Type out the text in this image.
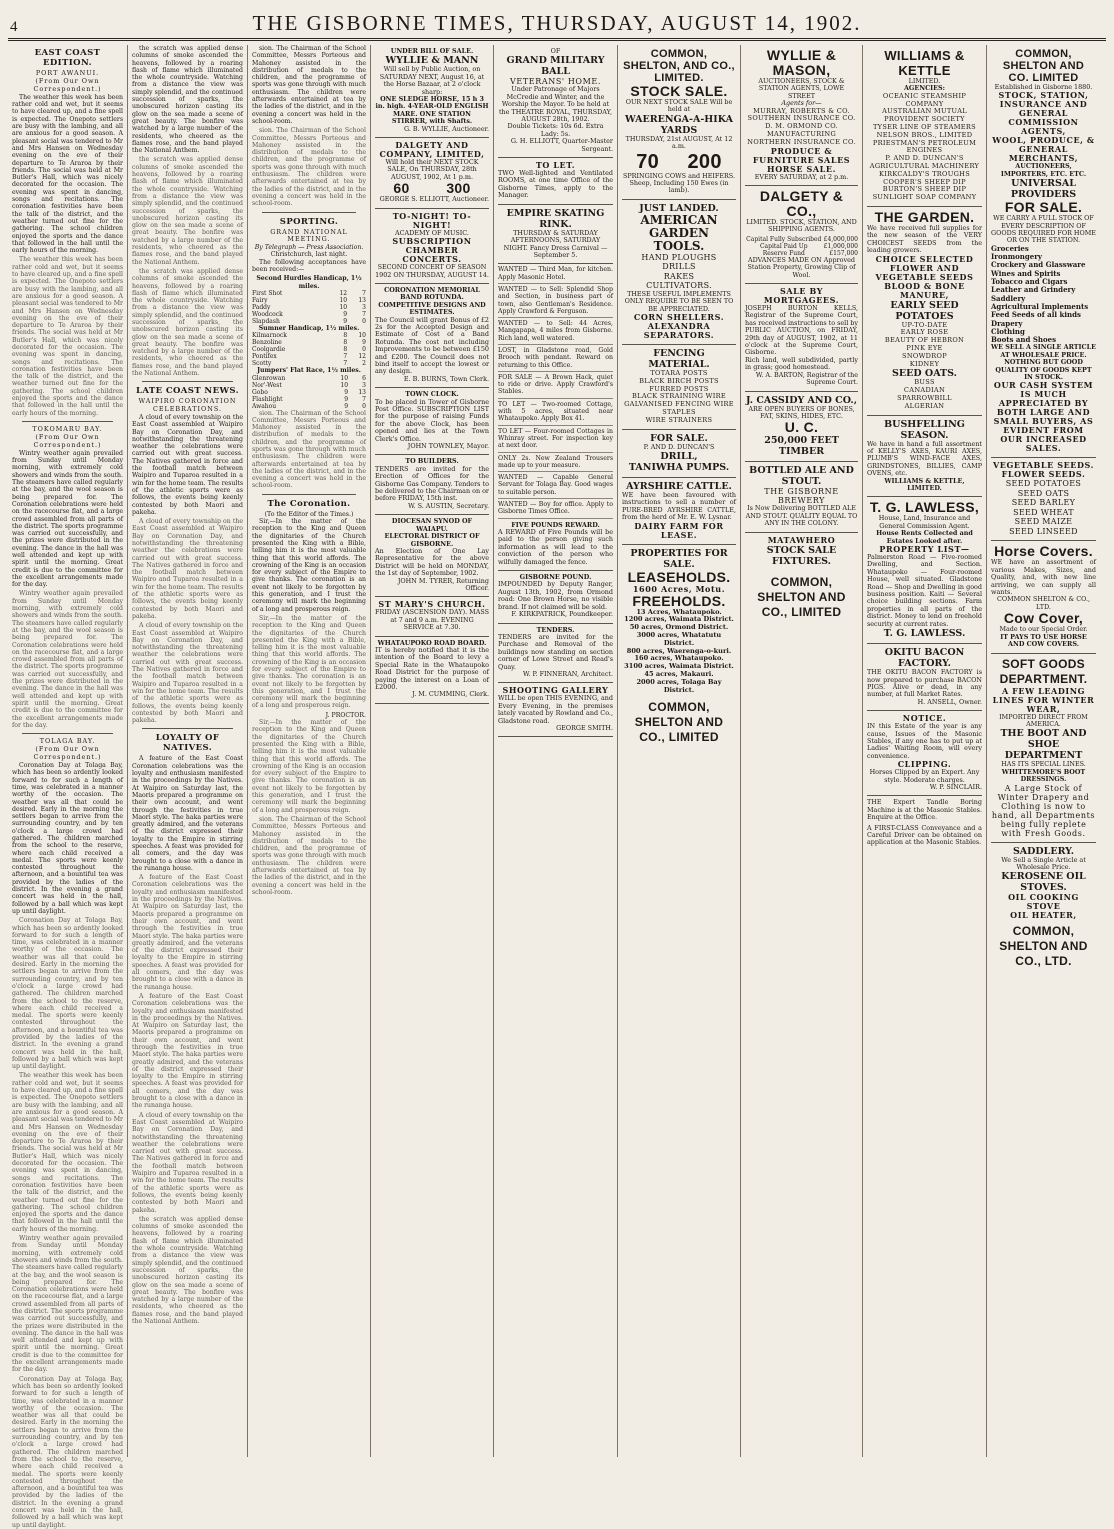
4	THE GISBORNE TIMES, THURSDAY, AUGUST 14, 1902.
EAST COAST EDITION.
PORT AWANUI.
(From Our Own Correspondent.)

The weather this week has been rather cold and wet, but it seems to have cleared up, and a fine spell is expected. The Onepoto settlers are busy with the lambing, and all are anxious for a good season. A pleasant social was tendered to Mr and Mrs Hansen on Wednesday evening on the eve of their departure to Te Araroa by their friends. The social was held at Mr Butler's Hall, which was nicely decorated for the occasion. The evening was spent in dancing, songs and recitations. The coronation festivities have been the talk of the district, and the weather turned out fine for the gathering. The school children enjoyed the sports and the dance that followed in the hall until the early hours of the morning.

The weather this week has been rather cold and wet, but it seems to have cleared up, and a fine spell is expected. The Onepoto settlers are busy with the lambing, and all are anxious for a good season. A pleasant social was tendered to Mr and Mrs Hansen on Wednesday evening on the eve of their departure to Te Araroa by their friends. The social was held at Mr Butler's Hall, which was nicely decorated for the occasion. The evening was spent in dancing, songs and recitations. The coronation festivities have been the talk of the district, and the weather turned out fine for the gathering. The school children enjoyed the sports and the dance that followed in the hall until the early hours of the morning.

TOKOMARU BAY.
(From Our Own Correspondent.)

Wintry weather again prevailed from Sunday until Monday morning, with extremely cold showers and winds from the south. The steamers have called regularly at the bay, and the wool season is being prepared for. The Coronation celebrations were held on the racecourse flat, and a large crowd assembled from all parts of the district. The sports programme was carried out successfully, and the prizes were distributed in the evening. The dance in the hall was well attended and kept up with spirit until the morning. Great credit is due to the committee for the excellent arrangements made for the day.

Wintry weather again prevailed from Sunday until Monday morning, with extremely cold showers and winds from the south. The steamers have called regularly at the bay, and the wool season is being prepared for. The Coronation celebrations were held on the racecourse flat, and a large crowd assembled from all parts of the district. The sports programme was carried out successfully, and the prizes were distributed in the evening. The dance in the hall was well attended and kept up with spirit until the morning. Great credit is due to the committee for the excellent arrangements made for the day.

TOLAGA BAY.
(From Our Own Correspondent.)

Coronation Day at Tolaga Bay, which has been so ardently looked forward to for such a length of time, was celebrated in a manner worthy of the occasion. The weather was all that could be desired. Early in the morning the settlers began to arrive from the surrounding country, and by ten o'clock a large crowd had gathered. The children marched from the school to the reserve, where each child received a medal. The sports were keenly contested throughout the afternoon, and a bountiful tea was provided by the ladies of the district. In the evening a grand concert was held in the hall, followed by a ball which was kept up until daylight.

Coronation Day at Tolaga Bay, which has been so ardently looked forward to for such a length of time, was celebrated in a manner worthy of the occasion. The weather was all that could be desired. Early in the morning the settlers began to arrive from the surrounding country, and by ten o'clock a large crowd had gathered. The children marched from the school to the reserve, where each child received a medal. The sports were keenly contested throughout the afternoon, and a bountiful tea was provided by the ladies of the district. In the evening a grand concert was held in the hall, followed by a ball which was kept up until daylight.

The weather this week has been rather cold and wet, but it seems to have cleared up, and a fine spell is expected. The Onepoto settlers are busy with the lambing, and all are anxious for a good season. A pleasant social was tendered to Mr and Mrs Hansen on Wednesday evening on the eve of their departure to Te Araroa by their friends. The social was held at Mr Butler's Hall, which was nicely decorated for the occasion. The evening was spent in dancing, songs and recitations. The coronation festivities have been the talk of the district, and the weather turned out fine for the gathering. The school children enjoyed the sports and the dance that followed in the hall until the early hours of the morning.

Wintry weather again prevailed from Sunday until Monday morning, with extremely cold showers and winds from the south. The steamers have called regularly at the bay, and the wool season is being prepared for. The Coronation celebrations were held on the racecourse flat, and a large crowd assembled from all parts of the district. The sports programme was carried out successfully, and the prizes were distributed in the evening. The dance in the hall was well attended and kept up with spirit until the morning. Great credit is due to the committee for the excellent arrangements made for the day.

Coronation Day at Tolaga Bay, which has been so ardently looked forward to for such a length of time, was celebrated in a manner worthy of the occasion. The weather was all that could be desired. Early in the morning the settlers began to arrive from the surrounding country, and by ten o'clock a large crowd had gathered. The children marched from the school to the reserve, where each child received a medal. The sports were keenly contested throughout the afternoon, and a bountiful tea was provided by the ladies of the district. In the evening a grand concert was held in the hall, followed by a ball which was kept up until daylight.

the scratch was applied dense columns of smoke ascended the heavens, followed by a roaring flash of flame which illuminated the whole countryside. Watching from a distance the view was simply splendid, and the continued succession of sparks, the unobscured horizon casting its glow on the sea made a scene of great beauty. The bonfire was watched by a large number of the residents, who cheered as the flames rose, and the band played the National Anthem.

the scratch was applied dense columns of smoke ascended the heavens, followed by a roaring flash of flame which illuminated the whole countryside. Watching from a distance the view was simply splendid, and the continued succession of sparks, the unobscured horizon casting its glow on the sea made a scene of great beauty. The bonfire was watched by a large number of the residents, who cheered as the flames rose, and the band played the National Anthem.

the scratch was applied dense columns of smoke ascended the heavens, followed by a roaring flash of flame which illuminated the whole countryside. Watching from a distance the view was simply splendid, and the continued succession of sparks, the unobscured horizon casting its glow on the sea made a scene of great beauty. The bonfire was watched by a large number of the residents, who cheered as the flames rose, and the band played the National Anthem.

LATE COAST NEWS.
WAIPIRO CORONATION CELEBRATIONS.

A cloud of every township on the East Coast assembled at Waipiro Bay on Coronation Day, and notwithstanding the threatening weather the celebrations were carried out with great success. The Natives gathered in force and the football match between Waipiro and Tuparoa resulted in a win for the home team. The results of the athletic sports were as follows, the events being keenly contested by both Maori and pakeha.

A cloud of every township on the East Coast assembled at Waipiro Bay on Coronation Day, and notwithstanding the threatening weather the celebrations were carried out with great success. The Natives gathered in force and the football match between Waipiro and Tuparoa resulted in a win for the home team. The results of the athletic sports were as follows, the events being keenly contested by both Maori and pakeha.

A cloud of every township on the East Coast assembled at Waipiro Bay on Coronation Day, and notwithstanding the threatening weather the celebrations were carried out with great success. The Natives gathered in force and the football match between Waipiro and Tuparoa resulted in a win for the home team. The results of the athletic sports were as follows, the events being keenly contested by both Maori and pakeha.

LOYALTY OF NATIVES.

A feature of the East Coast Coronation celebrations was the loyalty and enthusiasm manifested in the proceedings by the Natives. At Waipiro on Saturday last, the Maoris prepared a programme on their own account, and went through the festivities in true Maori style. The haka parties were greatly admired, and the veterans of the district expressed their loyalty to the Empire in stirring speeches. A feast was provided for all comers, and the day was brought to a close with a dance in the runanga house.

A feature of the East Coast Coronation celebrations was the loyalty and enthusiasm manifested in the proceedings by the Natives. At Waipiro on Saturday last, the Maoris prepared a programme on their own account, and went through the festivities in true Maori style. The haka parties were greatly admired, and the veterans of the district expressed their loyalty to the Empire in stirring speeches. A feast was provided for all comers, and the day was brought to a close with a dance in the runanga house.

A feature of the East Coast Coronation celebrations was the loyalty and enthusiasm manifested in the proceedings by the Natives. At Waipiro on Saturday last, the Maoris prepared a programme on their own account, and went through the festivities in true Maori style. The haka parties were greatly admired, and the veterans of the district expressed their loyalty to the Empire in stirring speeches. A feast was provided for all comers, and the day was brought to a close with a dance in the runanga house.

A cloud of every township on the East Coast assembled at Waipiro Bay on Coronation Day, and notwithstanding the threatening weather the celebrations were carried out with great success. The Natives gathered in force and the football match between Waipiro and Tuparoa resulted in a win for the home team. The results of the athletic sports were as follows, the events being keenly contested by both Maori and pakeha.

the scratch was applied dense columns of smoke ascended the heavens, followed by a roaring flash of flame which illuminated the whole countryside. Watching from a distance the view was simply splendid, and the continued succession of sparks, the unobscured horizon casting its glow on the sea made a scene of great beauty. The bonfire was watched by a large number of the residents, who cheered as the flames rose, and the band played the National Anthem.

sion. The Chairman of the School Committee, Messrs Porteous and Mahoney assisted in the distribution of medals to the children, and the programme of sports was gone through with much enthusiasm. The children were afterwards entertained at tea by the ladies of the district, and in the evening a concert was held in the school-room.

sion. The Chairman of the School Committee, Messrs Porteous and Mahoney assisted in the distribution of medals to the children, and the programme of sports was gone through with much enthusiasm. The children were afterwards entertained at tea by the ladies of the district, and in the evening a concert was held in the school-room.

SPORTING.
GRAND NATIONAL MEETING.
By Telegraph — Press Association.
Christchurch, last night.

The following acceptances have been received:—

Second Hurdles Handicap, 1½ miles.
First Shot	12	7
Fairy	10	13
Paddy	10	3
Woodcock	9	7
Slapdash	9	0
Sumner Handicap, 1½ miles.
Kilmarnock	8	10
Benzoline	8	9
Coolgardie	8	0
Pontifex	7	12
Scotty	7	2
Jumpers' Flat Race, 1½ miles.
Glenrowan	10	6
Nor'-West	10	3
Gobo	9	13
Flashlight	9	7
Awahou	9	0

sion. The Chairman of the School Committee, Messrs Porteous and Mahoney assisted in the distribution of medals to the children, and the programme of sports was gone through with much enthusiasm. The children were afterwards entertained at tea by the ladies of the district, and in the evening a concert was held in the school-room.

The Coronation.
(To the Editor of the Times.)

Sir,—In the matter of the reception to the King and Queen the dignitaries of the Church presented the King with a Bible, telling him it is the most valuable thing that this world affords. The crowning of the King is an occasion for every subject of the Empire to give thanks. The coronation is an event not likely to be forgotten by this generation, and I trust the ceremony will mark the beginning of a long and prosperous reign.

Sir,—In the matter of the reception to the King and Queen the dignitaries of the Church presented the King with a Bible, telling him it is the most valuable thing that this world affords. The crowning of the King is an occasion for every subject of the Empire to give thanks. The coronation is an event not likely to be forgotten by this generation, and I trust the ceremony will mark the beginning of a long and prosperous reign.

J. PROCTOR.

Sir,—In the matter of the reception to the King and Queen the dignitaries of the Church presented the King with a Bible, telling him it is the most valuable thing that this world affords. The crowning of the King is an occasion for every subject of the Empire to give thanks. The coronation is an event not likely to be forgotten by this generation, and I trust the ceremony will mark the beginning of a long and prosperous reign.

sion. The Chairman of the School Committee, Messrs Porteous and Mahoney assisted in the distribution of medals to the children, and the programme of sports was gone through with much enthusiasm. The children were afterwards entertained at tea by the ladies of the district, and in the evening a concert was held in the school-room.

UNDER BILL OF SALE.
WYLLIE & MANN
Will sell by Public Auction, on SATURDAY NEXT, August 16, at the Horse Bazaar, at 2 o'clock sharp:
ONE SLEDGE HORSE, 15 h 3 in. high. 4-YEAR-OLD ENGLISH MARE. ONE STATION STIRRER, with Shafts.
G. B. WYLLIE, Auctioneer.
DALGETY AND COMPANY, LIMITED,
Will hold their NEXT STOCK SALE, On THURSDAY, 28th AUGUST, 1902, At 1 p.m.
60	300
GEORGE S. ELLIOTT, Auctioneer.
TO-NIGHT! TO-NIGHT!
ACADEMY OF MUSIC.
SUBSCRIPTION CHAMBER CONCERTS.
SECOND CONCERT OF SEASON 1902 ON THURSDAY, AUGUST 14.
CORONATION MEMORIAL BAND ROTUNDA.
COMPETITIVE DESIGNS AND ESTIMATES.
The Council will grant Bonus of £2 2s for the Accepted Design and Estimate of Cost of a Band Rotunda. The cost not including Improvements to be between £150 and £200. The Council does not bind itself to accept the lowest or any design.
E. B. BURNS, Town Clerk.
TOWN CLOCK.
To be placed in Tower of Gisborne Post Office. SUBSCRIPTION LIST for the purpose of raising Funds for the above Clock, has been opened and lies at the Town Clerk's Office.
JOHN TOWNLEY, Mayor.
TO BUILDERS.
TENDERS are invited for the Erection of Offices for the Gisborne Gas Company. Tenders to be delivered to the Chairman on or before FRIDAY, 15th inst.
W. S. AUSTIN, Secretary.
DIOCESAN SYNOD OF WAIAPU.
ELECTORAL DISTRICT OF GISBORNE.
An Election of One Lay Representative for the above District will be held on MONDAY, the 1st day of September, 1902.
JOHN M. TYRER, Returning Officer.
ST MARY'S CHURCH.
FRIDAY (ASCENSION DAY). MASS at 7 and 9 a.m. EVENING SERVICE at 7.30.
WHATAUPOKO ROAD BOARD.
IT is hereby notified that it is the intention of the Board to levy a Special Rate in the Whataupoko Road District for the purpose of paying the interest on a Loan of £2000.
J. M. CUMMING, Clerk.
OF
GRAND MILITARY BALL
VETERANS' HOME.
Under Patronage of Majors McCredie and Winter, and the Worship the Mayor. To be held at the THEATRE ROYAL, THURSDAY, AUGUST 28th, 1902.
Double Tickets: 10s 6d. Extra Lady: 5s.
G. H. ELLIOTT, Quarter-Master Sergeant.
TO LET.
TWO Well-lighted and Ventilated ROOMS, at one time Office of the Gisborne Times, apply to the Manager.
EMPIRE SKATING RINK.
THURSDAY & SATURDAY AFTERNOONS, SATURDAY NIGHT. Fancy Dress Carnival — September 5.
WANTED — Third Man, for kitchen. Apply Masonic Hotel.
WANTED — to Sell: Splendid Shop and Section, in business part of town, also Gentleman's Residence. Apply Crawford & Ferguson.
WANTED — to Sell: 44 Acres, Mangapapa, 4 miles from Gisborne. Rich land, well watered.
LOST, in Gladstone road, Gold Brooch with pendant. Reward on returning to this Office.
FOR SALE — A Brown Hack, quiet to ride or drive. Apply Crawford's Stables.
TO LET — Two-roomed Cottage, with 5 acres, situated near Whataupoko. Apply Box 41.
TO LET — Four-roomed Cottages in Whinray street. For inspection key at next door.
ONLY 2s. New Zealand Trousers made up to your measure.
WANTED — Capable General Servant for Tolaga Bay. Good wages to suitable person.
WANTED — Boy for office. Apply to Gisborne Times Office.
FIVE POUNDS REWARD.
A REWARD of Five Pounds will be paid to the person giving such information as will lead to the conviction of the person who wilfully damaged the fence.
GISBORNE POUND.
IMPOUNDED by Deputy Ranger, August 13th, 1902, from Ormond road: One Brown Horse, no visible brand. If not claimed will be sold.
F. KIRKPATRICK, Poundkeeper.
TENDERS.
TENDERS are invited for the Purchase and Removal of the buildings now standing on section corner of Lowe Street and Read's Quay.
W. P. FINNERAN, Architect.
SHOOTING GALLERY
WILL be open THIS EVENING, and Every Evening, in the premises lately vacated by Rowland and Co., Gladstone road.
GEORGE SMITH.
COMMON, SHELTON, AND CO., LIMITED.
STOCK SALE.
OUR NEXT STOCK SALE Will be held at
WAERENGA-A-HIKA YARDS
THURSDAY, 21st AUGUST, At 12 a.m.
70 200
SPRINGING COWS and HEIFERS. Sheep, Including 150 Ewes (in lamb).
JUST LANDED.
AMERICAN GARDEN TOOLS.
HAND PLOUGHS
DRILLS
RAKES
CULTIVATORS.
THESE USEFUL IMPLEMENTS ONLY REQUIRE TO BE SEEN TO BE APPRECIATED.
CORN SHELLERS.
ALEXANDRA SEPARATORS.
FENCING MATERIAL.
TOTARA POSTS
BLACK BIRCH POSTS
FURRED POSTS
BLACK STRAINING WIRE
GALVANISED FENCING WIRE
STAPLES
WIRE STRAINERS
FOR SALE.
P. AND D. DUNCAN'S
DRILL,
TANIWHA PUMPS.
AYRSHIRE CATTLE.
WE have been favoured with instructions to sell a number of PURE-BRED AYRSHIRE CATTLE, from the herd of Mr. E. W. Lysnar.
DAIRY FARM FOR LEASE.
PROPERTIES FOR SALE.
LEASEHOLDS.
1600 Acres, Motu.
FREEHOLDS.
13 Acres, Whataupoko.
1200 acres, Waimata District.
50 acres, Ormond District.
3000 acres, Whatatutu District.
800 acres, Waerenga-o-kuri.
160 acres, Whataupoko.
3100 acres, Waimata District.
45 acres, Makauri.
2000 acres, Tolaga Bay District.
COMMON, SHELTON AND CO., LIMITED
WYLLIE & MASON,
AUCTIONEERS, STOCK & STATION AGENTS, LOWE STREET
Agents for—
MURRAY, ROBERTS & CO.
SOUTHERN INSURANCE CO.
D. M. ORMOND CO. MANUFACTURING
NORTHERN INSURANCE CO.
PRODUCE & FURNITURE SALES
HORSE SALE.
EVERY SATURDAY, at 2 p.m.
DALGETY & CO.,
LIMITED. STOCK, STATION, AND SHIPPING AGENTS.
Capital Fully Subscribed	£4,000,000
Capital Paid Up	£1,000,000
Reserve Fund	£157,000
ADVANCES MADE ON Approved Station Property, Growing Clip of Wool.
SALE BY MORTGAGEES.
JOSEPH BURTON KELLS, Registrar of the Supreme Court, has received instructions to sell by PUBLIC AUCTION, on FRIDAY, 29th day of AUGUST, 1902, at 11 o'clock at the Supreme Court, Gisborne.
Rich land, well subdivided, partly in grass; good homestead.
W. A. BARTON, Registrar of the Supreme Court.
J. CASSIDY AND CO.,
ARE OPEN BUYERS OF BONES, FAT, SKINS, HIDES, ETC.
U. C.
250,000 FEET TIMBER
BOTTLED ALE AND STOUT.
THE GISBORNE BREWERY
Is Now Delivering BOTTLED ALE AND STOUT. QUALITY EQUAL TO ANY IN THE COLONY.
MATAWHERO
STOCK SALE FIXTURES.
COMMON, SHELTON AND CO., LIMITED
WILLIAMS & KETTLE
LIMITED.
AGENCIES:
OCEANIC STEAMSHIP COMPANY
AUSTRALIAN MUTUAL PROVIDENT SOCIETY
TYSER LINE OF STEAMERS
NELSON BROS., LIMITED
PRIESTMAN'S PETROLEUM ENGINES
P. AND D. DUNCAN'S AGRICULTURAL MACHINERY
KIRKCALDY'S TROUGHS
COOPER'S SHEEP DIP
BURTON'S SHEEP DIP
SUNLIGHT SOAP COMPANY
THE GARDEN.
We have received full supplies for the new season of the VERY CHOICEST SEEDS from the leading growers.
CHOICE SELECTED FLOWER AND VEGETABLE SEEDS
BLOOD & BONE MANURE,
EARLY SEED POTATOES
UP-TO-DATE
EARLY ROSE
BEAUTY OF HEBRON
PINK EYE
SNOWDROP
KIDNEY
SEED OATS.
BUSS
CANADIAN
SPARROWBILL
ALGERIAN
BUSHFELLING SEASON.
We have in hand a full assortment of KELLY'S AXES, KAURI AXES, PLUMB'S WIND-FACE AXES, GRINDSTONES, BILLIES, CAMP OVENS, etc.
WILLIAMS & KETTLE, LIMITED.
T. G. LAWLESS,
House, Land, Insurance and General Commission Agent.
House Rents Collected and Estates Looked after.
PROPERTY LIST—
Palmerston Road — Five-roomed Dwelling, and Section. Whataupoko — Four-roomed House, well situated. Gladstone Road — Shop and Dwelling in good business position. Kaiti — Several choice building sections. Farm properties in all parts of the district. Money to lend on freehold security at current rates.
T. G. LAWLESS.
OKITU BACON FACTORY.
THE OKITU BACON FACTORY is now prepared to purchase BACON PIGS. Alive or dead, in any number, at full Market Rates.
H. ANSELL, Owner.
NOTICE.
IN this Estate of the year is any cause, Issues of the Masonic Stables, if any one has to put up at Ladies' Waiting Room, will every convenience.
CLIPPING.
Horses Clipped by an Expert. Any style. Moderate charges.
W. P. SINCLAIR.
THE Expert Tandle Boring Machine is at the Masonic Stables. Enquire at the Office.
A FIRST-CLASS Conveyance and a Careful Driver can be obtained on application at the Masonic Stables.
COMMON, SHELTON AND CO. LIMITED
Established in Gisborne 1880.
STOCK, STATION, INSURANCE AND GENERAL COMMISSION AGENTS,
WOOL, PRODUCE, & GENERAL MERCHANTS,
AUCTIONEERS, IMPORTERS, ETC. ETC.
UNIVERSAL PROVIDERS
FOR SALE.
WE CARRY A FULL STOCK OF EVERY DESCRIPTION OF GOODS REQUIRED FOR HOME OR ON THE STATION.
Groceries
Ironmongery
Crockery and Glassware
Wines and Spirits
Tobacco and Cigars
Leather and Grindery
Saddlery
Agricultural Implements
Feed Seeds of all kinds
Drapery
Clothing
Boots and Shoes
WE SELL A SINGLE ARTICLE AT WHOLESALE PRICE.
NOTHING BUT GOOD QUALITY OF GOODS KEPT IN STOCK.
OUR CASH SYSTEM IS MUCH APPRECIATED BY BOTH LARGE AND SMALL BUYERS, AS EVIDENT FROM OUR INCREASED SALES.
VEGETABLE SEEDS. FLOWER SEEDS.
SEED POTATOES
SEED OATS
SEED BARLEY
SEED WHEAT
SEED MAIZE
SEED LINSEED
Horse Covers.
WE have an assortment of various Makes, Sizes, and Quality, and, with new line arriving, we can supply all wants.
COMMON SHELTON & CO., LTD.
Cow Cover,
Made to our Special Order.
IT PAYS TO USE HORSE AND COW COVERS.
SOFT GOODS DEPARTMENT.
A FEW LEADING LINES FOR WINTER WEAR,
IMPORTED DIRECT FROM AMERICA.
THE BOOT AND SHOE DEPARTMENT
HAS ITS SPECIAL LINES.
WHITTEMORE'S BOOT DRESSINGS.
A Large Stock of Winter Drapery and Clothing is now to hand, all Departments being fully replete with Fresh Goods.
SADDLERY.
We Sell a Single Article at Wholesale Price.
KEROSENE OIL STOVES.
OIL COOKING STOVE
OIL HEATER,
COMMON, SHELTON AND CO., LTD.
